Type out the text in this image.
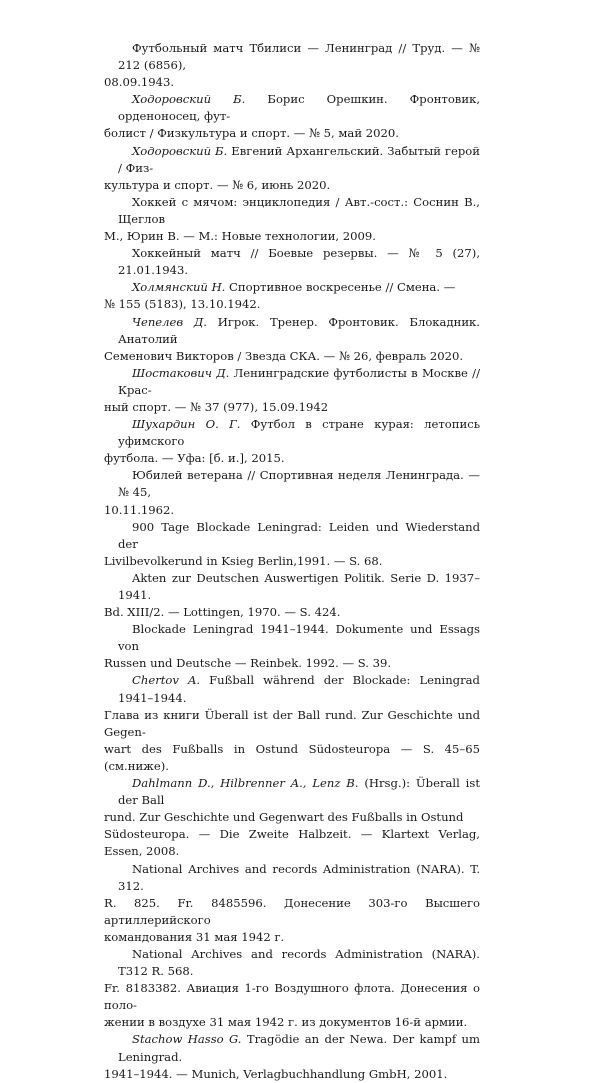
Футбольный матч Тбилиси — Ленинград // Труд. — № 212 (6856),
08.09.1943.
Ходоровский Б. Борис Орешкин. Фронтовик, орденоносец, фут-
болист / Физкультура и спорт. — № 5, май 2020.
Ходоровский Б. Евгений Архангельский. Забытый герой / Физ-
культура и спорт. — № 6, июнь 2020.
Хоккей с мячом: энциклопедия / Авт.-сост.: Соснин В., Щеглов
М., Юрин В. — М.: Новые технологии, 2009.
Хоккейный матч // Боевые резервы. — № 5 (27), 21.01.1943.
Холмянский Н. Спортивное воскресенье // Смена. —
№ 155 (5183), 13.10.1942.
Чепелев Д. Игрок. Тренер. Фронтовик. Блокадник. Анатолий
Семенович Викторов / Звезда СКА. — № 26, февраль 2020.
Шостакович Д. Ленинградские футболисты в Москве // Крас-
ный спорт. — № 37 (977), 15.09.1942
Шухардин О. Г. Футбол в стране курая: летопись уфимского
футбола. — Уфа: [б. и.], 2015.
Юбилей ветерана // Спортивная неделя Ленинграда. — № 45,
10.11.1962.
900 Tage Blockade Leningrad: Leiden und Wiederstand der
Livilbevolkerund in Ksieg Berlin,1991. — S. 68.
Akten zur Deutschen Auswertigen Politik. Serie D. 1937–1941.
Bd. XIII/2. — Lottingen, 1970. — S. 424.
Blockade Leningrad 1941–1944. Dokumente und Essags von
Russen und Deutsche — Reinbek. 1992. — S. 39.
Chertov A. Fußball während der Blockade: Leningrad 1941–1944.
Глава из книги Überall ist der Ball rund. Zur Geschichte und Gegen-
wart des Fußballs in Ostund Südosteuropa — S. 45–65 (см.ниже).
Dahlmann D., Hilbrenner A., Lenz B. (Hrsg.): Überall ist der Ball
rund. Zur Geschichte und Gegenwart des Fußballs in Ostund
Südosteuropa. — Die Zweite Halbzeit. — Klartext Verlag, Essen, 2008.
National Archives and records Administration (NARA). T. 312.
R. 825. Fr. 8485596. Донесение 303-го Высшего артиллерийского
командования 31 мая 1942 г.
National Archives and records Administration (NARA). T312 R. 568.
Fr. 8183382. Авиация 1-го Воздушного флота. Донесения о поло-
жении в воздухе 31 мая 1942 г. из документов 16-й армии.
Stachow Hasso G. Tragödie an der Newa. Der kampf um Leningrad.
1941–1944. — Munich, Verlagbuchhandlung GmbH, 2001.
